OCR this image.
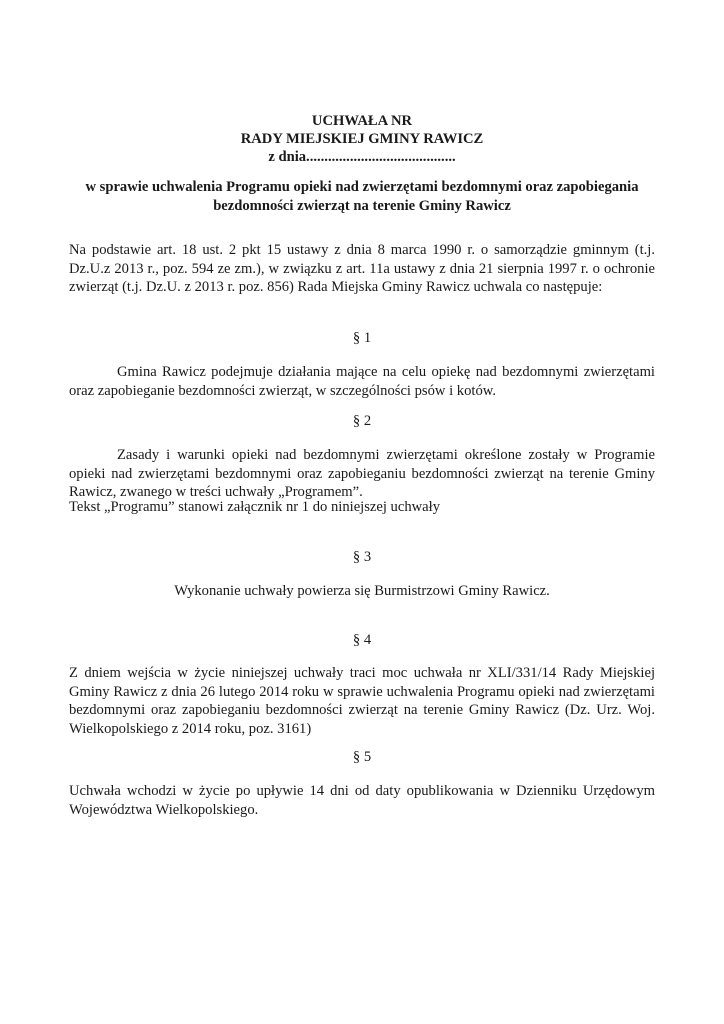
UCHWAŁA NR
RADY MIEJSKIEJ GMINY RAWICZ
z dnia.........................................
w sprawie uchwalenia Programu opieki nad zwierzętami bezdomnymi oraz zapobiegania bezdomności zwierząt na terenie Gminy Rawicz

Na podstawie art. 18 ust. 2 pkt 15 ustawy z dnia 8 marca 1990 r. o samorządzie gminnym (t.j. Dz.U.z 2013 r., poz. 594 ze zm.), w związku z art. 11a ustawy z dnia 21 sierpnia 1997 r. o ochronie zwierząt (t.j. Dz.U. z 2013 r. poz. 856) Rada Miejska Gminy Rawicz uchwala co następuje:

§ 1

Gmina Rawicz podejmuje działania mające na celu opiekę nad bezdomnymi zwierzętami oraz zapobieganie bezdomności zwierząt, w szczególności psów i kotów.

§ 2

Zasady i warunki opieki nad bezdomnymi zwierzętami określone zostały w Programie opieki nad zwierzętami bezdomnymi oraz zapobieganiu bezdomności zwierząt na terenie Gminy Rawicz, zwanego w treści uchwały „Programem”.

Tekst „Programu” stanowi załącznik nr 1 do niniejszej uchwały
§ 3
Wykonanie uchwały powierza się Burmistrzowi Gminy Rawicz.
§ 4

Z dniem wejścia w życie niniejszej uchwały traci moc uchwała nr XLI/331/14 Rady Miejskiej Gminy Rawicz z dnia 26 lutego 2014 roku w sprawie uchwalenia Programu opieki nad zwierzętami bezdomnymi oraz zapobieganiu bezdomności zwierząt na terenie Gminy Rawicz (Dz. Urz. Woj. Wielkopolskiego z 2014 roku, poz. 3161)

§ 5

Uchwała wchodzi w życie po upływie 14 dni od daty opublikowania w Dzienniku Urzędowym Województwa Wielkopolskiego.
